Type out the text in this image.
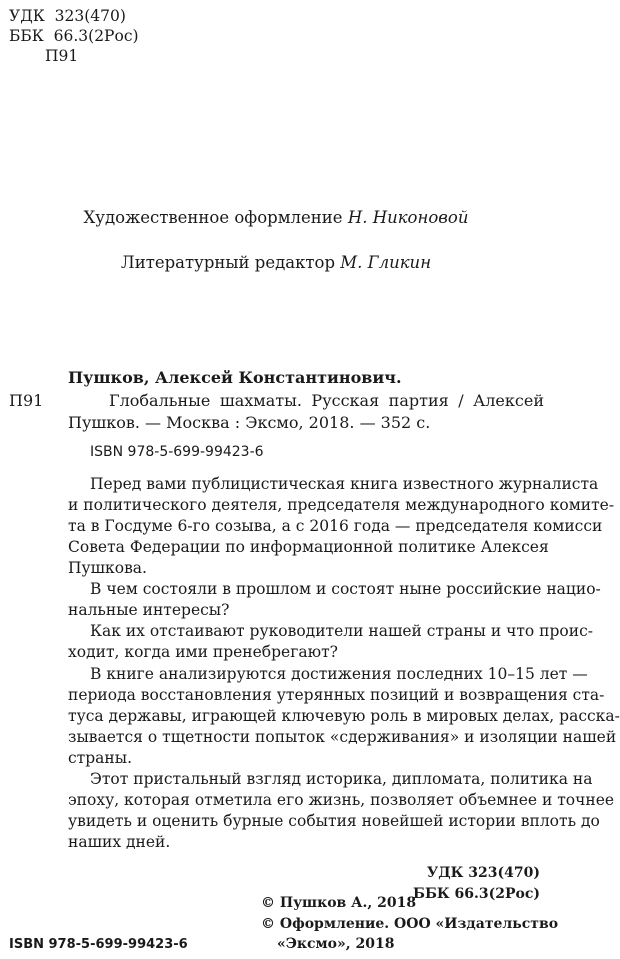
УДК 323(470)
ББК 66.3(2Рос)
П91
Художественное оформление Н. Никоновой
Литературный редактор М. Гликин
Пушков, Алексей Константинович.
П91	Глобальные шахматы. Русская партия / Алексей
Пушков. — Москва : Эксмо, 2018. — 352 с.
ISBN 978-5-699-99423-6
Перед вами публицистическая книга известного журналиста
и политического деятеля, председателя международного комите-
та в Госдуме 6-го созыва, а с 2016 года — председателя комисси
Совета Федерации по информационной политике Алексея
Пушкова.
В чем состояли в прошлом и состоят ныне российские нацио-
нальные интересы?
Как их отстаивают руководители нашей страны и что проис-
ходит, когда ими пренебрегают?
В книге анализируются достижения последних 10–15 лет —
периода восстановления утерянных позиций и возвращения ста-
туса державы, играющей ключевую роль в мировых делах, расска-
зывается о тщетности попыток «сдерживания» и изоляции нашей
страны.
Этот пристальный взгляд историка, дипломата, политика на
эпоху, которая отметила его жизнь, позволяет объемнее и точнее
увидеть и оценить бурные события новейшей истории вплоть до
наших дней.
УДК 323(470)
ББК 66.3(2Рос)
© Пушков А., 2018
© Оформление. ООО «Издательство
ISBN 978-5-699-99423-6	«Эксмо», 2018
